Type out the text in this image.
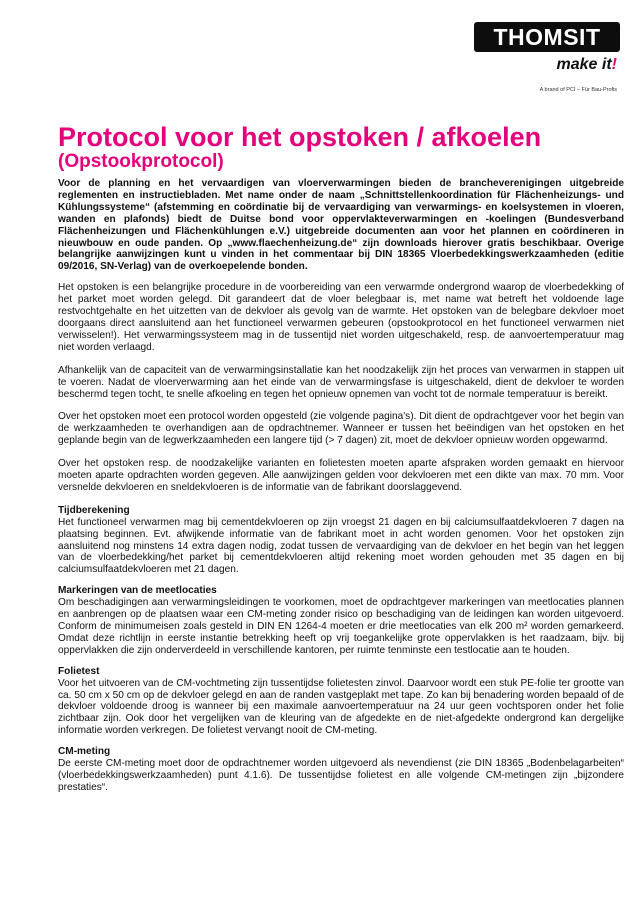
THOMSIT
make it!
A brand of PCI – Für Bau-Profis
Protocol voor het opstoken / afkoelen
(Opstookprotocol)

Voor de planning en het vervaardigen van vloerverwarmingen bieden de brancheverenigingen uitgebreide reglementen en instructiebladen. Met name onder de naam „Schnittstellenkoordination für Flächenheizungs- und Kühlungssysteme“ (afstemming en coördinatie bij de vervaardiging van verwarmings- en koelsystemen in vloeren, wanden en plafonds) biedt de Duitse bond voor oppervlakteverwarmingen en -koelingen (Bundesverband Flächenheizungen und Flächenkühlungen e.V.) uitgebreide documenten aan voor het plannen en coördineren in nieuwbouw en oude panden. Op „www.flaechenheizung.de“ zijn downloads hierover gratis beschikbaar. Overige belangrijke aanwijzingen kunt u vinden in het commentaar bij DIN 18365 Vloerbedekkingswerkzaamheden (editie 09/2016, SN-Verlag) van de overkoepelende bonden.

Het opstoken is een belangrijke procedure in de voorbereiding van een verwarmde ondergrond waarop de vloerbedekking of het parket moet worden gelegd. Dit garandeert dat de vloer belegbaar is, met name wat betreft het voldoende lage restvochtgehalte en het uitzetten van de dekvloer als gevolg van de warmte. Het opstoken van de belegbare dekvloer moet doorgaans direct aansluitend aan het functioneel verwarmen gebeuren (opstookprotocol en het functioneel verwarmen niet verwisselen!). Het verwarmingssysteem mag in de tussentijd niet worden uitgeschakeld, resp. de aanvoertemperatuur mag niet worden verlaagd.

Afhankelijk van de capaciteit van de verwarmingsinstallatie kan het noodzakelijk zijn het proces van verwarmen in stappen uit te voeren. Nadat de vloerverwarming aan het einde van de verwarmingsfase is uitgeschakeld, dient de dekvloer te worden beschermd tegen tocht, te snelle afkoeling en tegen het opnieuw opnemen van vocht tot de normale temperatuur is bereikt.

Over het opstoken moet een protocol worden opgesteld (zie volgende pagina's). Dit dient de opdrachtgever voor het begin van de werkzaamheden te overhandigen aan de opdrachtnemer. Wanneer er tussen het beëindigen van het opstoken en het geplande begin van de legwerkzaamheden een langere tijd (> 7 dagen) zit, moet de dekvloer opnieuw worden opgewarmd.

Over het opstoken resp. de noodzakelijke varianten en folietesten moeten aparte afspraken worden gemaakt en hiervoor moeten aparte opdrachten worden gegeven. Alle aanwijzingen gelden voor dekvloeren met een dikte van max. 70 mm. Voor versnelde dekvloeren en sneldekvloeren is de informatie van de fabrikant doorslaggevend.

Tijdberekening

Het functioneel verwarmen mag bij cementdekvloeren op zijn vroegst 21 dagen en bij calciumsulfaatdekvloeren 7 dagen na plaatsing beginnen. Evt. afwijkende informatie van de fabrikant moet in acht worden genomen. Voor het opstoken zijn aansluitend nog minstens 14 extra dagen nodig, zodat tussen de vervaardiging van de dekvloer en het begin van het leggen van de vloerbedekking/het parket bij cementdekvloeren altijd rekening moet worden gehouden met 35 dagen en bij calciumsulfaatdekvloeren met 21 dagen.

Markeringen van de meetlocaties

Om beschadigingen aan verwarmingsleidingen te voorkomen, moet de opdrachtgever markeringen van meetlocaties plannen en aanbrengen op de plaatsen waar een CM-meting zonder risico op beschadiging van de leidingen kan worden uitgevoerd. Conform de minimumeisen zoals gesteld in DIN EN 1264-4 moeten er drie meetlocaties van elk 200 m² worden gemarkeerd. Omdat deze richtlijn in eerste instantie betrekking heeft op vrij toegankelijke grote oppervlakken is het raadzaam, bijv. bij oppervlakken die zijn onderverdeeld in verschillende kantoren, per ruimte tenminste een testlocatie aan te houden.

Folietest

Voor het uitvoeren van de CM-vochtmeting zijn tussentijdse folietesten zinvol. Daarvoor wordt een stuk PE-folie ter grootte van ca. 50 cm x 50 cm op de dekvloer gelegd en aan de randen vastgeplakt met tape. Zo kan bij benadering worden bepaald of de dekvloer voldoende droog is wanneer bij een maximale aanvoertemperatuur na 24 uur geen vochtsporen onder het folie zichtbaar zijn. Ook door het vergelijken van de kleuring van de afgedekte en de niet-afgedekte ondergrond kan dergelijke informatie worden verkregen. De folietest vervangt nooit de CM-meting.

CM-meting

De eerste CM-meting moet door de opdrachtnemer worden uitgevoerd als nevendienst (zie DIN 18365 „Bodenbelagarbeiten“ (vloerbedekkingswerkzaamheden) punt 4.1.6). De tussentijdse folietest en alle volgende CM-metingen zijn „bijzondere prestaties“.
